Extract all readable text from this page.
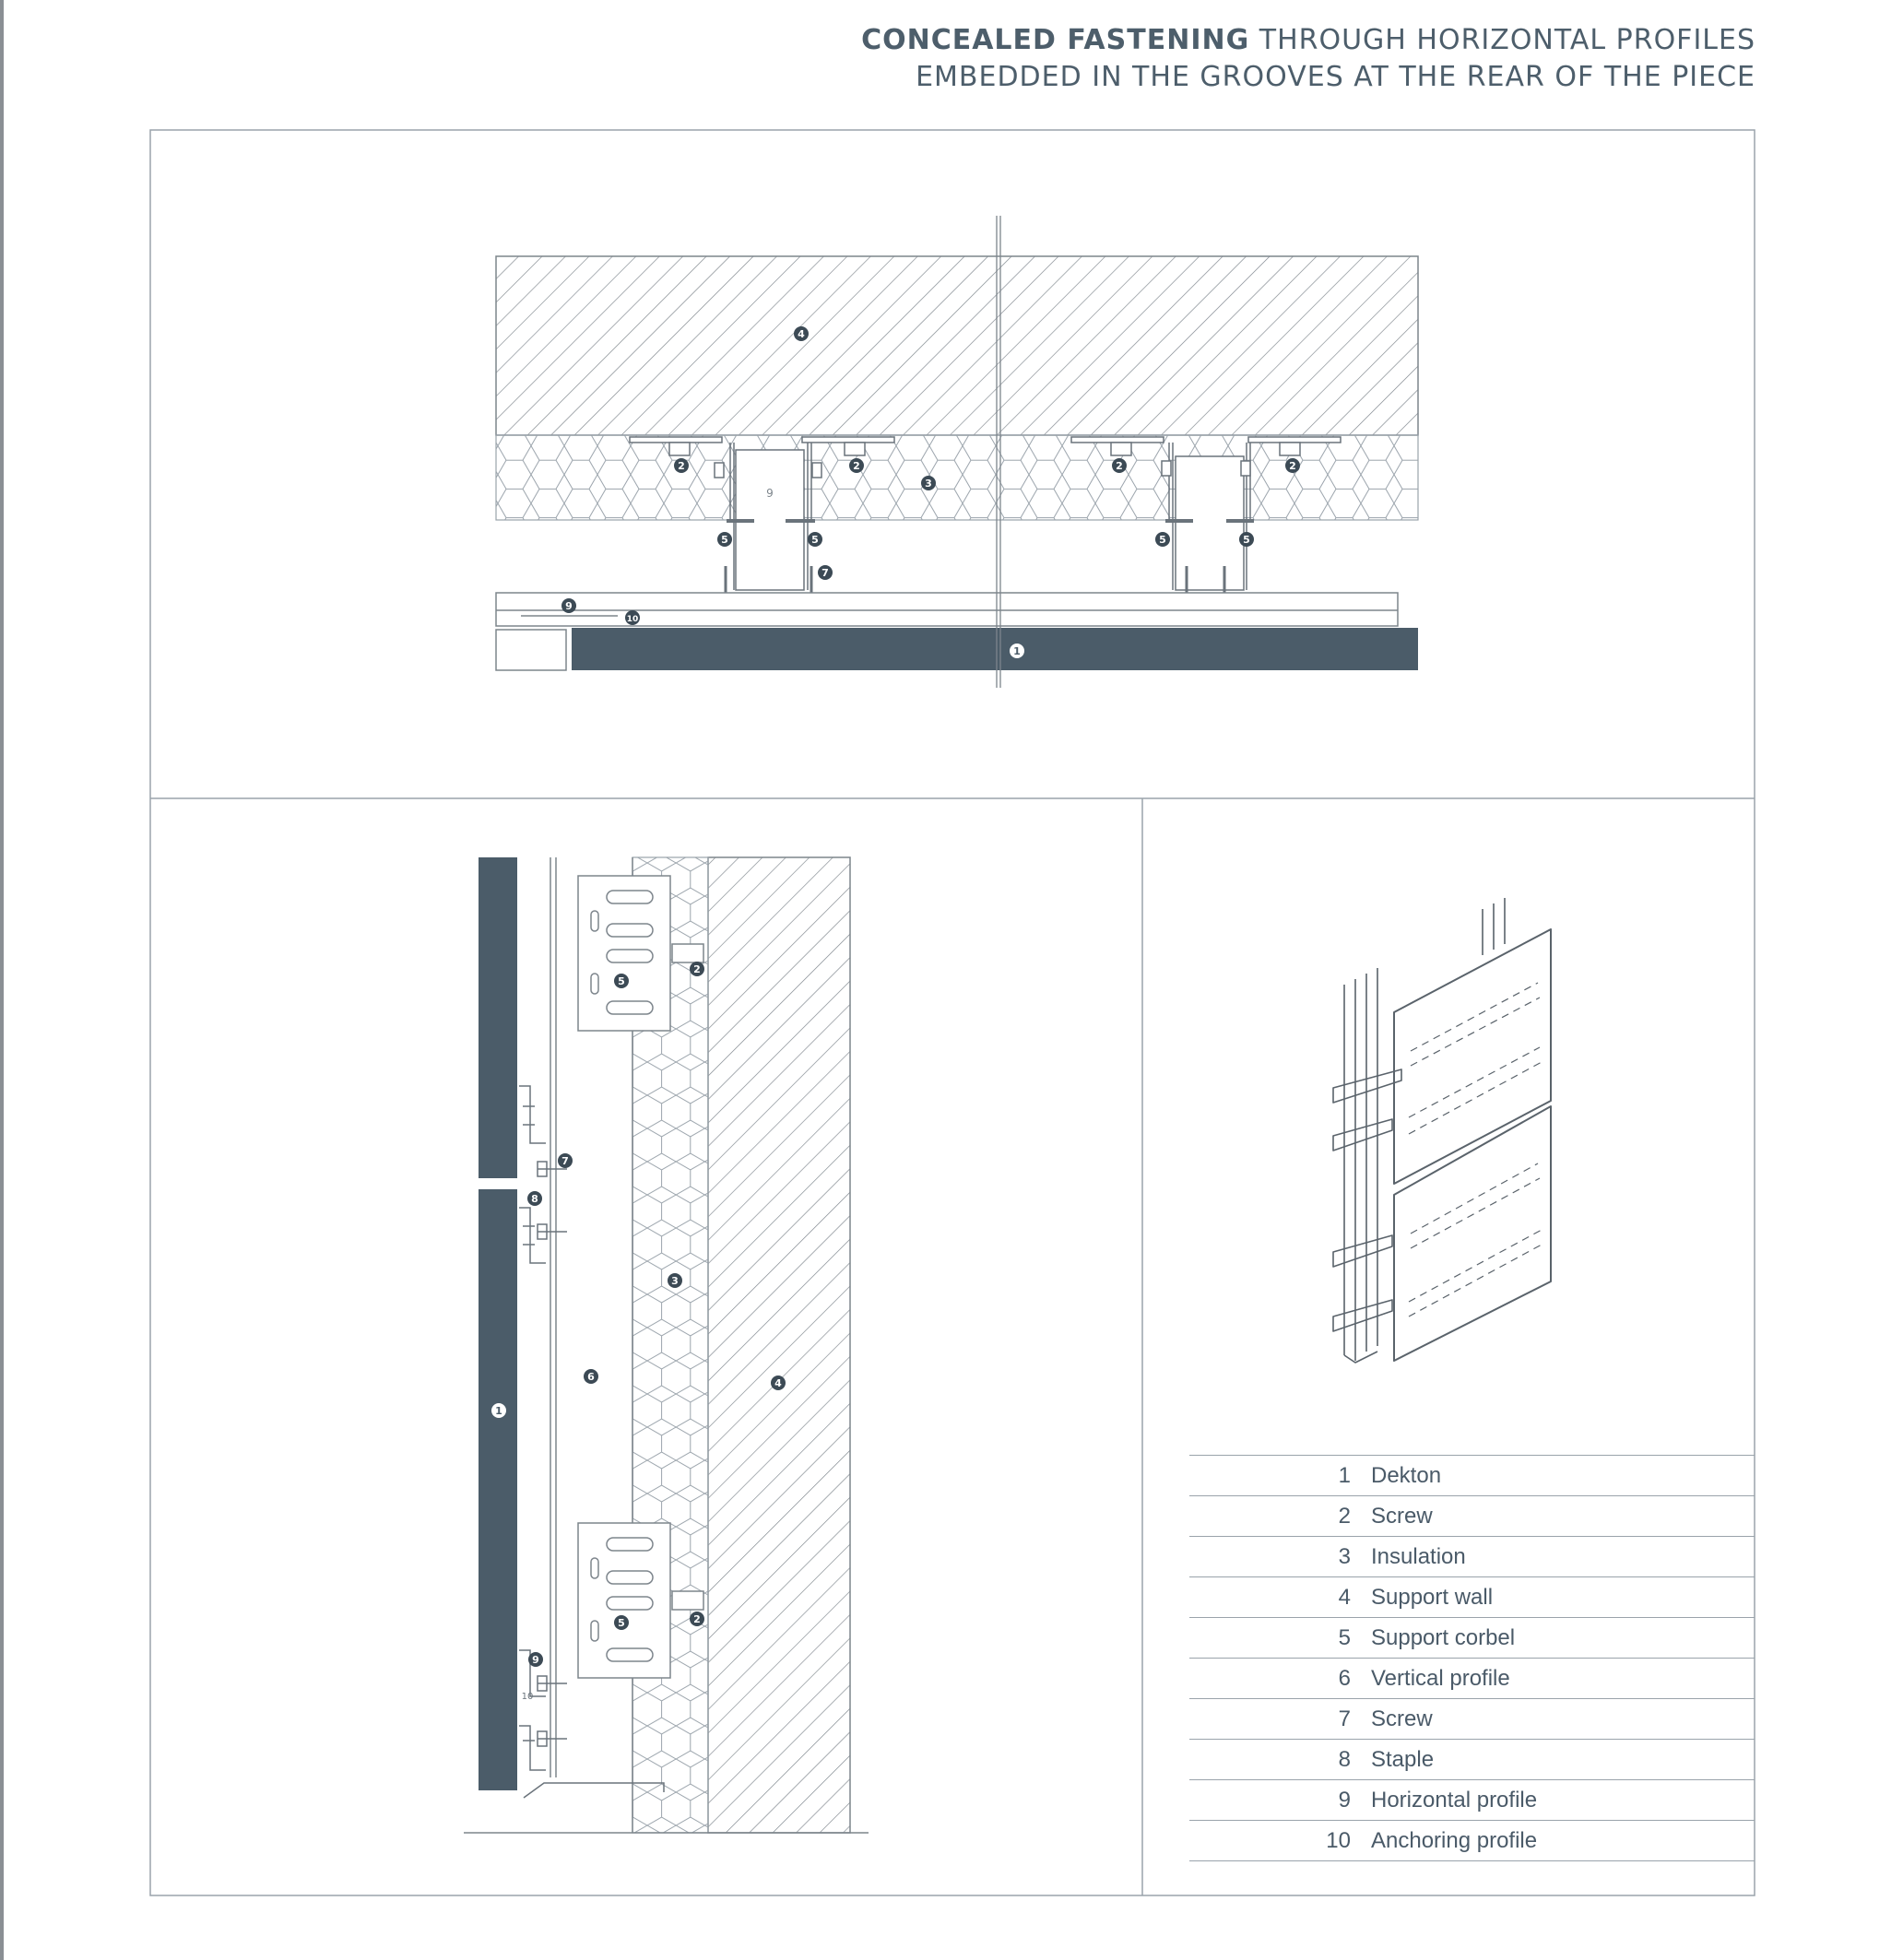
CONCEALED FASTENING THROUGH HORIZONTAL PROFILES
EMBEDDED IN THE GROOVES AT THE REAR OF THE PIECE
4
2	2
3
2	2
5	5	5	5
7
9
10
1
9
2
5
7
8
3
6
1
4
2
5
9
10
1 Dekton
2 Screw
3 Insulation
4 Support wall
5 Support corbel
6 Vertical profile
7 Screw
8 Staple
9 Horizontal profile
10 Anchoring profile
